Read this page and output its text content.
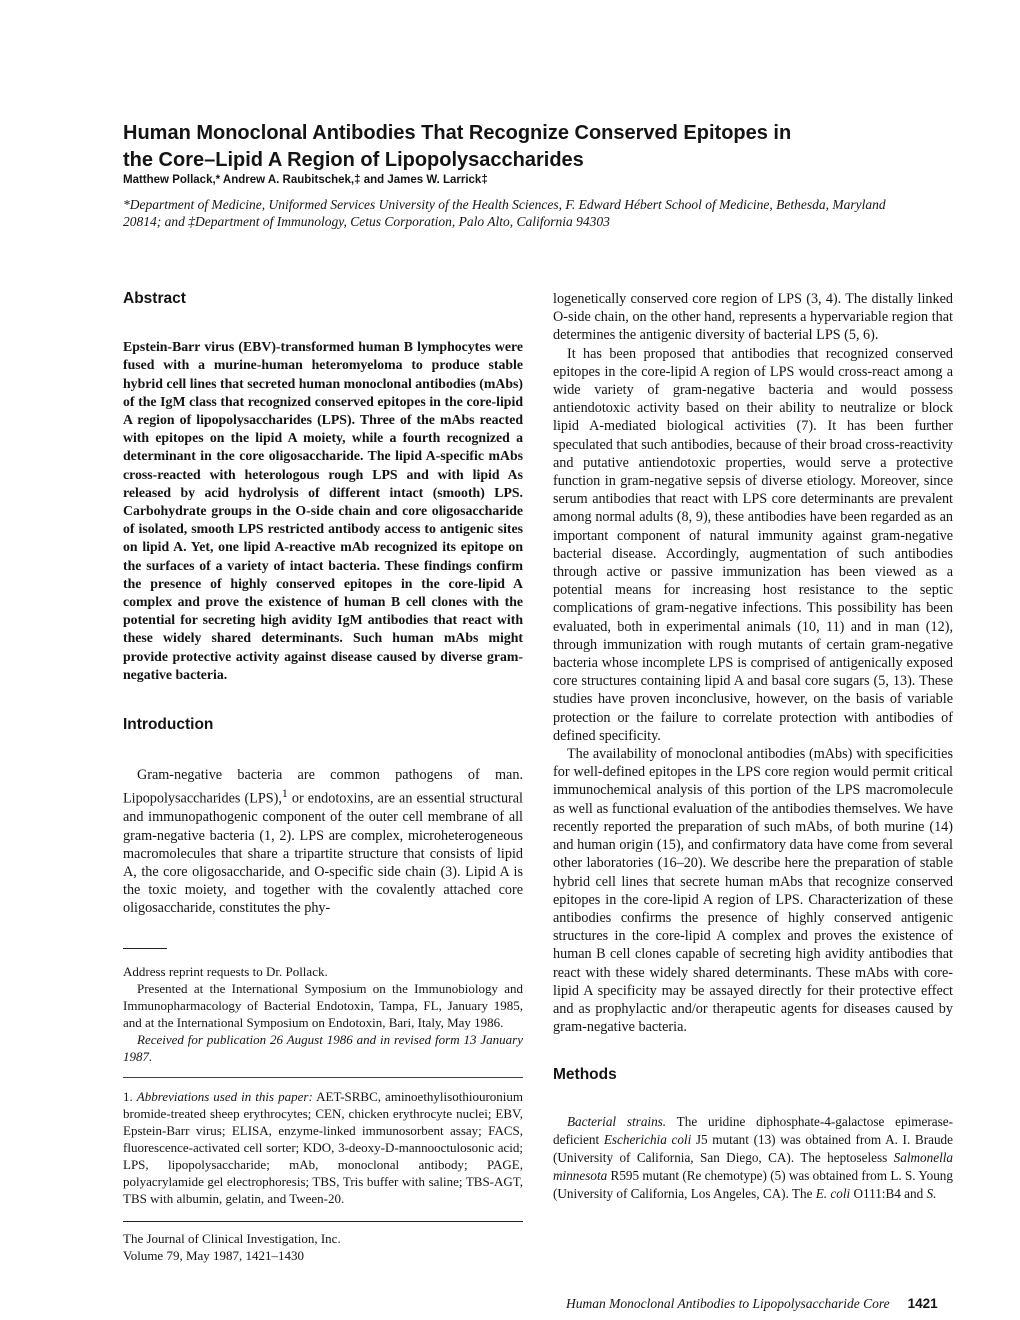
Human Monoclonal Antibodies That Recognize Conserved Epitopes in
the Core–Lipid A Region of Lipopolysaccharides
Matthew Pollack,* Andrew A. Raubitschek,‡ and James W. Larrick‡
*Department of Medicine, Uniformed Services University of the Health Sciences, F. Edward Hébert School of Medicine, Bethesda, Maryland 20814; and ‡Department of Immunology, Cetus Corporation, Palo Alto, California 94303
Abstract

Epstein-Barr virus (EBV)-transformed human B lymphocytes were fused with a murine-human heteromyeloma to produce stable hybrid cell lines that secreted human monoclonal antibodies (mAbs) of the IgM class that recognized conserved epitopes in the core-lipid A region of lipopolysaccharides (LPS). Three of the mAbs reacted with epitopes on the lipid A moiety, while a fourth recognized a determinant in the core oligosaccharide. The lipid A-specific mAbs cross-reacted with heterologous rough LPS and with lipid As released by acid hydrolysis of different intact (smooth) LPS. Carbohydrate groups in the O-side chain and core oligosaccharide of isolated, smooth LPS restricted antibody access to antigenic sites on lipid A. Yet, one lipid A-reactive mAb recognized its epitope on the surfaces of a variety of intact bacteria. These findings confirm the presence of highly conserved epitopes in the core-lipid A complex and prove the existence of human B cell clones with the potential for secreting high avidity IgM antibodies that react with these widely shared determinants. Such human mAbs might provide protective activity against disease caused by diverse gram-negative bacteria.

Introduction

Gram-negative bacteria are common pathogens of man. Lipopolysaccharides (LPS),$^1$ or endotoxins, are an essential structural and immunopathogenic component of the outer cell membrane of all gram-negative bacteria (1, 2). LPS are complex, microheterogeneous macromolecules that share a tripartite structure that consists of lipid A, the core oligosaccharide, and O-specific side chain (3). Lipid A is the toxic moiety, and together with the covalently attached core oligosaccharide, constitutes the phy-

Address reprint requests to Dr. Pollack.

Presented at the International Symposium on the Immunobiology and Immunopharmacology of Bacterial Endotoxin, Tampa, FL, January 1985, and at the International Symposium on Endotoxin, Bari, Italy, May 1986.

Received for publication 26 August 1986 and in revised form 13 January 1987.

1. Abbreviations used in this paper: AET-SRBC, aminoethylisothiouronium bromide-treated sheep erythrocytes; CEN, chicken erythrocyte nuclei; EBV, Epstein-Barr virus; ELISA, enzyme-linked immunosorbent assay; FACS, fluorescence-activated cell sorter; KDO, 3-deoxy-D-mannooctulosonic acid; LPS, lipopolysaccharide; mAb, monoclonal antibody; PAGE, polyacrylamide gel electrophoresis; TBS, Tris buffer with saline; TBS-AGT, TBS with albumin, gelatin, and Tween-20.

The Journal of Clinical Investigation, Inc.
Volume 79, May 1987, 1421–1430

logenetically conserved core region of LPS (3, 4). The distally linked O-side chain, on the other hand, represents a hypervariable region that determines the antigenic diversity of bacterial LPS (5, 6).

It has been proposed that antibodies that recognized conserved epitopes in the core-lipid A region of LPS would cross-react among a wide variety of gram-negative bacteria and would possess antiendotoxic activity based on their ability to neutralize or block lipid A-mediated biological activities (7). It has been further speculated that such antibodies, because of their broad cross-reactivity and putative antiendotoxic properties, would serve a protective function in gram-negative sepsis of diverse etiology. Moreover, since serum antibodies that react with LPS core determinants are prevalent among normal adults (8, 9), these antibodies have been regarded as an important component of natural immunity against gram-negative bacterial disease. Accordingly, augmentation of such antibodies through active or passive immunization has been viewed as a potential means for increasing host resistance to the septic complications of gram-negative infections. This possibility has been evaluated, both in experimental animals (10, 11) and in man (12), through immunization with rough mutants of certain gram-negative bacteria whose incomplete LPS is comprised of antigenically exposed core structures containing lipid A and basal core sugars (5, 13). These studies have proven inconclusive, however, on the basis of variable protection or the failure to correlate protection with antibodies of defined specificity.

The availability of monoclonal antibodies (mAbs) with specificities for well-defined epitopes in the LPS core region would permit critical immunochemical analysis of this portion of the LPS macromolecule as well as functional evaluation of the antibodies themselves. We have recently reported the preparation of such mAbs, of both murine (14) and human origin (15), and confirmatory data have come from several other laboratories (16–20). We describe here the preparation of stable hybrid cell lines that secrete human mAbs that recognize conserved epitopes in the core-lipid A region of LPS. Characterization of these antibodies confirms the presence of highly conserved antigenic structures in the core-lipid A complex and proves the existence of human B cell clones capable of secreting high avidity antibodies that react with these widely shared determinants. These mAbs with core-lipid A specificity may be assayed directly for their protective effect and as prophylactic and/or therapeutic agents for diseases caused by gram-negative bacteria.

Methods

Bacterial strains. The uridine diphosphate-4-galactose epimerase-deficient Escherichia coli J5 mutant (13) was obtained from A. I. Braude (University of California, San Diego, CA). The heptoseless Salmonella minnesota R595 mutant (Re chemotype) (5) was obtained from L. S. Young (University of California, Los Angeles, CA). The E. coli O111:B4 and S.

Human Monoclonal Antibodies to Lipopolysaccharide Core 1421
